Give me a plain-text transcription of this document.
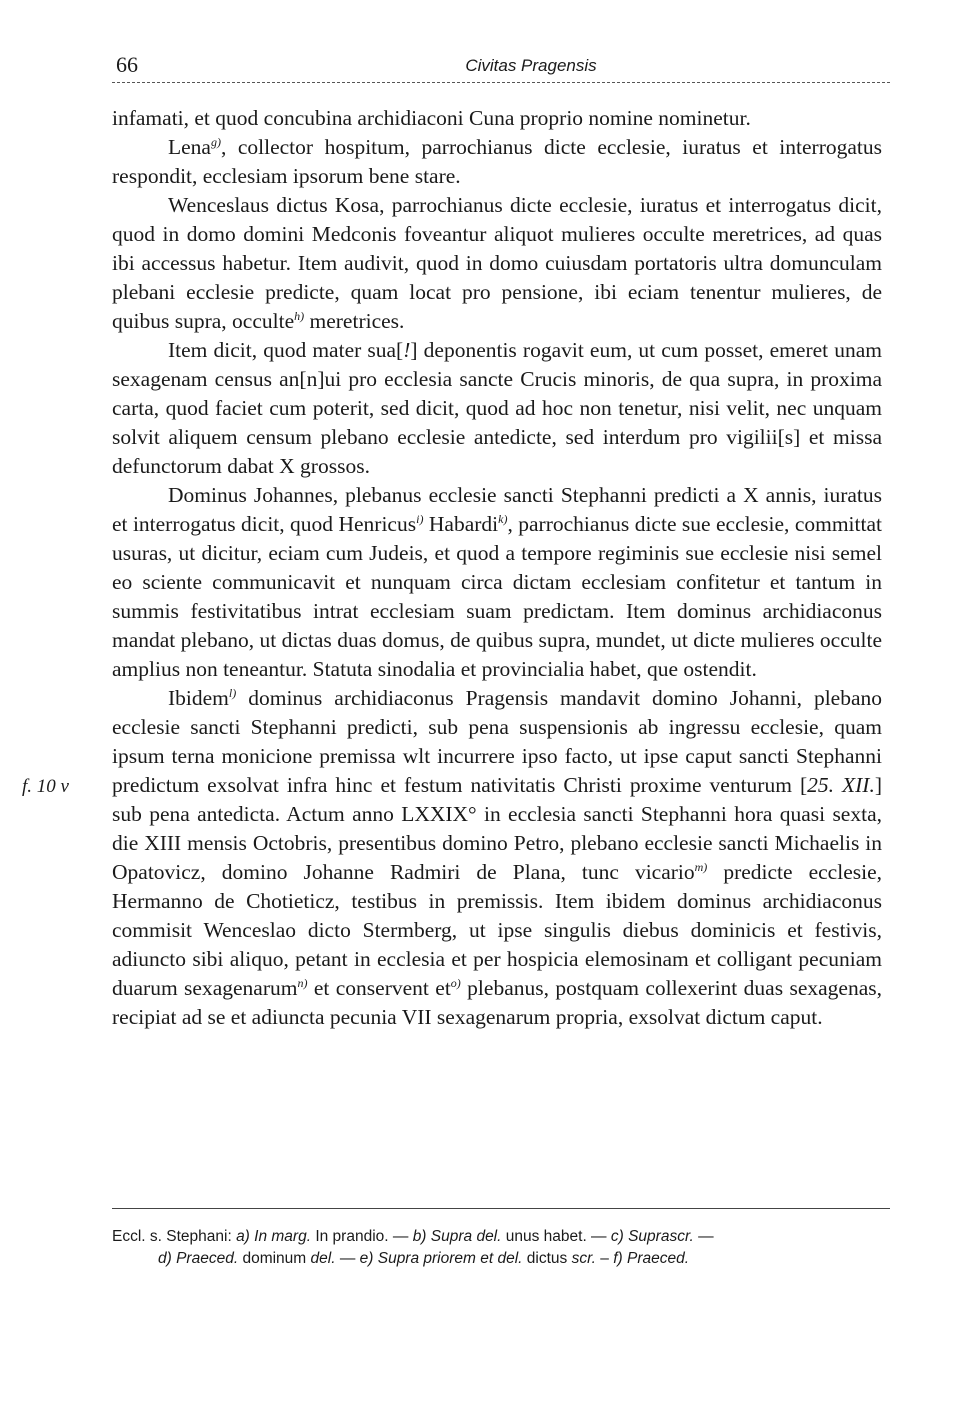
66	Civitas Pragensis
f. 10 v
infamati, et quod concubina archidiaconi Cuna proprio nomine nominetur.
Lena$^{g)}$, collector hospitum, parrochianus dicte ecclesie, iuratus et interrogatus respondit, ecclesiam ipsorum bene stare.
Wenceslaus dictus Kosa, parrochianus dicte ecclesie, iuratus et interrogatus dicit, quod in domo domini Medconis foveantur aliquot mulieres occulte meretrices, ad quas ibi accessus habetur. Item audivit, quod in domo cuiusdam portatoris ultra domunculam plebani ecclesie predicte, quam locat pro pensione, ibi eciam tenentur mulieres, de quibus supra, occulte$^{h)}$ meretrices.
Item dicit, quod mater sua[!] deponentis rogavit eum, ut cum posset, emeret unam sexagenam census an[n]ui pro ecclesia sancte Crucis minoris, de qua supra, in proxima carta, quod faciet cum poterit, sed dicit, quod ad hoc non tenetur, nisi velit, nec unquam solvit aliquem censum plebano ecclesie antedicte, sed interdum pro vigilii[s] et missa defunctorum dabat X grossos.
Dominus Johannes, plebanus ecclesie sancti Stephanni predicti a X annis, iuratus et interrogatus dicit, quod Henricus$^{i)}$ Habardi$^{k)}$, parrochianus dicte sue ecclesie, committat usuras, ut dicitur, eciam cum Judeis, et quod a tempore regiminis sue ecclesie nisi semel eo sciente communicavit et nunquam circa dictam ecclesiam confitetur et tantum in summis festivitatibus intrat ecclesiam suam predictam. Item dominus archidiaconus mandat plebano, ut dictas duas domus, de quibus supra, mundet, ut dicte mulieres occulte amplius non teneantur. Statuta sinodalia et provincialia habet, que ostendit.
Ibidem$^{l)}$ dominus archidiaconus Pragensis mandavit domino Johanni, plebano ecclesie sancti Stephanni predicti, sub pena suspensionis ab ingressu ecclesie, quam ipsum terna monicione premissa wlt incurrere ipso facto, ut ipse caput sancti Stephanni predictum exsolvat infra hinc et festum nativitatis Christi proxime venturum [25. XII.] sub pena antedicta. Actum anno LXXIX° in ecclesia sancti Stephanni hora quasi sexta, die XIII mensis Octobris, presentibus domino Petro, plebano ecclesie sancti Michaelis in Opatovicz, domino Johanne Radmiri de Plana, tunc vicario$^{m)}$ predicte ecclesie, Hermanno de Chotieticz, testibus in premissis. Item ibidem dominus archidiaconus commisit Wenceslao dicto Stermberg, ut ipse singulis diebus dominicis et festivis, adiuncto sibi aliquo, petant in ecclesia et per hospicia elemosinam et colligant pecuniam duarum sexagenarum$^{n)}$ et conservent $et^{o)}$ plebanus, postquam collexerint duas sexagenas, recipiat ad se et adiuncta pecunia VII sexagenarum propria, exsolvat dictum caput.
Eccl. s. Stephani: a) In marg. In prandio. — b) Supra del. unus habet. — c) Suprascr. —
d) Praeced. dominum del. — e) Supra priorem et del. dictus scr. – f) Praeced.
